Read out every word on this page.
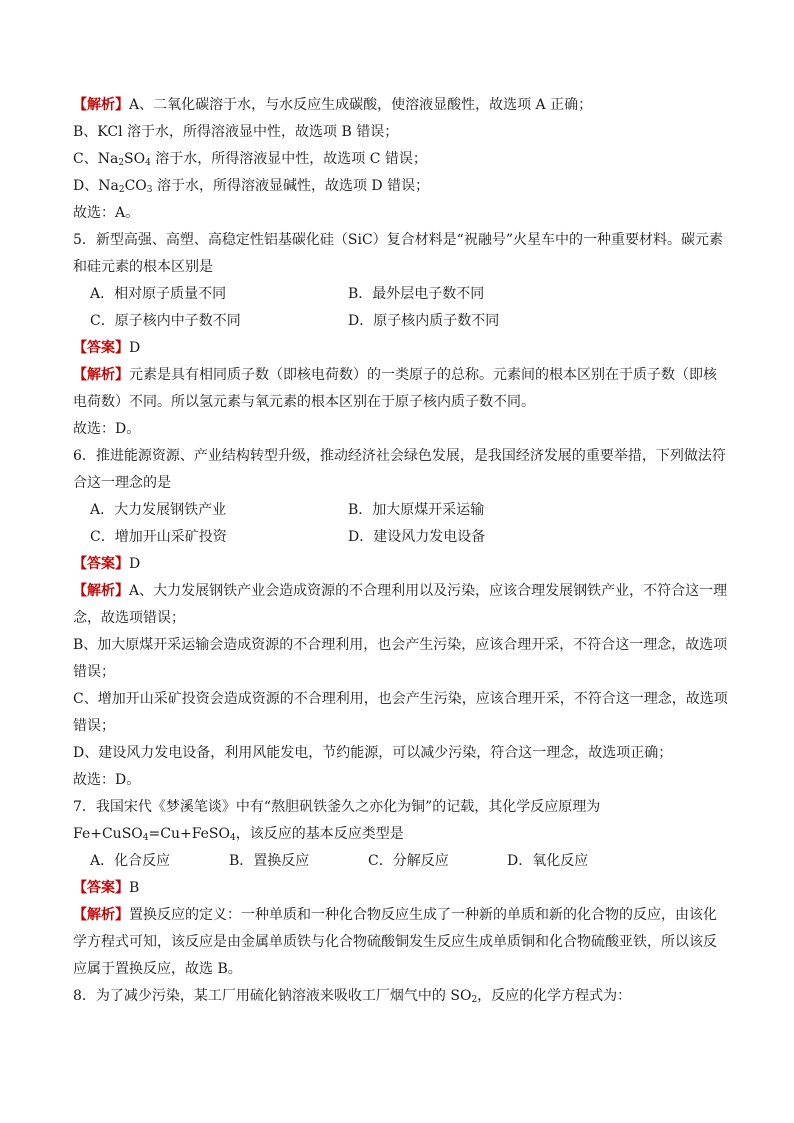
【解析】A、二氧化碳溶于水，与水反应生成碳酸，使溶液显酸性，故选项 A 正确；
B、KCl 溶于水，所得溶液显中性，故选项 B 错误；
C、$Na_2SO_4$ 溶于水，所得溶液显中性，故选项 C 错误；
D、$Na_2CO_3$ 溶于水，所得溶液显碱性，故选项 D 错误；
故选：A。
5．新型高强、高塑、高稳定性铝基碳化硅（SiC）复合材料是“祝融号”火星车中的一种重要材料。碳元素
和硅元素的根本区别是
A．相对原子质量不同	B．最外层电子数不同
C．原子核内中子数不同	D．原子核内质子数不同
【答案】D
【解析】元素是具有相同质子数（即核电荷数）的一类原子的总称。元素间的根本区别在于质子数（即核
电荷数）不同。所以氢元素与氧元素的根本区别在于原子核内质子数不同。
故选：D。
6．推进能源资源、产业结构转型升级，推动经济社会绿色发展，是我国经济发展的重要举措，下列做法符
合这一理念的是
A．大力发展钢铁产业	B．加大原煤开采运输
C．增加开山采矿投资	D．建设风力发电设备
【答案】D
【解析】A、大力发展钢铁产业会造成资源的不合理利用以及污染，应该合理发展钢铁产业，不符合这一理
念，故选项错误；
B、加大原煤开采运输会造成资源的不合理利用，也会产生污染，应该合理开采，不符合这一理念，故选项
错误；
C、增加开山采矿投资会造成资源的不合理利用，也会产生污染，应该合理开采，不符合这一理念，故选项
错误；
D、建设风力发电设备，利用风能发电，节约能源，可以减少污染，符合这一理念，故选项正确；
故选：D。
7．我国宋代《梦溪笔谈》中有“熬胆矾铁釜久之亦化为铜”的记载，其化学反应原理为
Fe+CuSO$_4$=Cu+FeSO$_4$，该反应的基本反应类型是
A．化合反应	B．置换反应	C．分解反应	D．氧化反应
【答案】B
【解析】置换反应的定义：一种单质和一种化合物反应生成了一种新的单质和新的化合物的反应，由该化
学方程式可知，该反应是由金属单质铁与化合物硫酸铜发生反应生成单质铜和化合物硫酸亚铁，所以该反
应属于置换反应，故选 B。
8．为了减少污染，某工厂用硫化钠溶液来吸收工厂烟气中的 $SO_2$，反应的化学方程式为：
